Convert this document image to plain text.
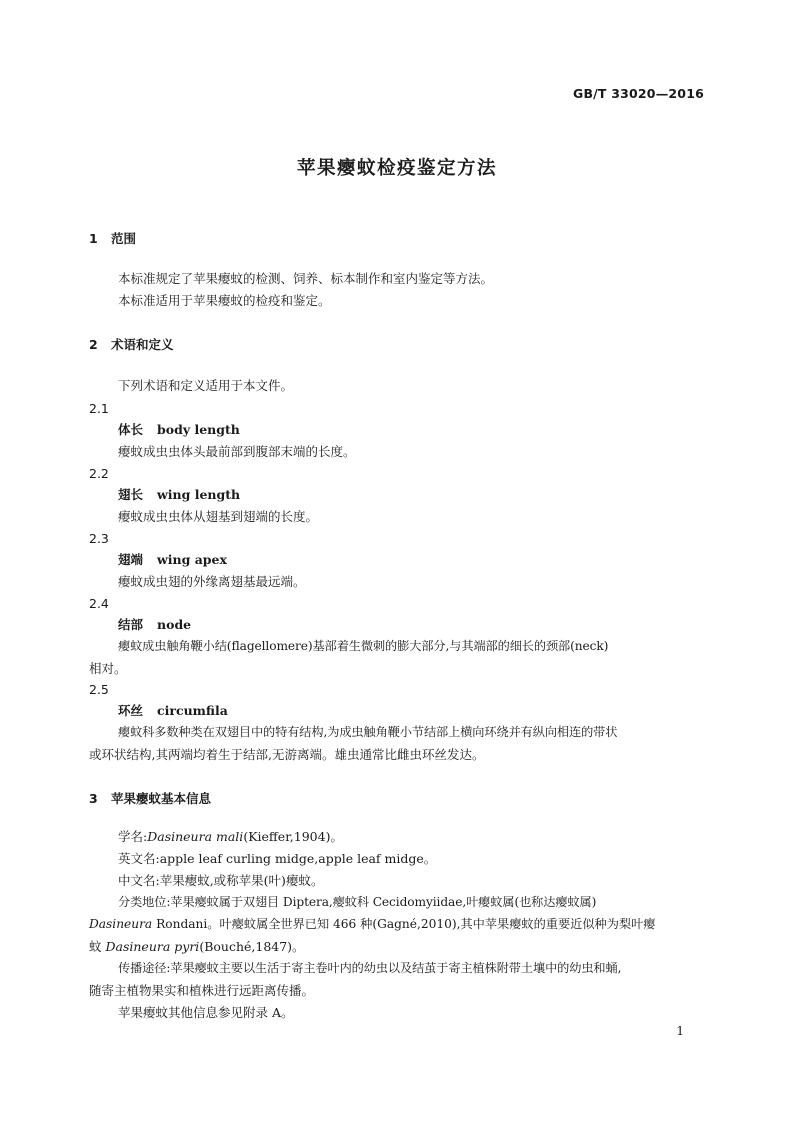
GB/T 33020—2016
苹果瘿蚊检疫鉴定方法
1 范围
本标准规定了苹果瘿蚊的检测、饲养、标本制作和室内鉴定等方法。
本标准适用于苹果瘿蚊的检疫和鉴定。
2 术语和定义
下列术语和定义适用于本文件。
2.1
体长 body length
瘿蚊成虫虫体头最前部到腹部末端的长度。
2.2
翅长 wing length
瘿蚊成虫虫体从翅基到翅端的长度。
2.3
翅端 wing apex
瘿蚊成虫翅的外缘离翅基最远端。
2.4
结部 node
瘿蚊成虫触角鞭小结(flagellomere)基部着生微刺的膨大部分,与其端部的细长的颈部(neck)
相对。
2.5
环丝 circumfila
瘿蚊科多数种类在双翅目中的特有结构,为成虫触角鞭小节结部上横向环绕并有纵向相连的带状
或环状结构,其两端均着生于结部,无游离端。雄虫通常比雌虫环丝发达。
3 苹果瘿蚊基本信息
学名:Dasineura mali(Kieffer,1904)。
英文名:apple leaf curling midge,apple leaf midge。
中文名:苹果瘿蚊,或称苹果(叶)瘿蚊。
分类地位:苹果瘿蚊属于双翅目 Diptera,瘿蚊科 Cecidomyiidae,叶瘿蚊属(也称达瘿蚊属)
Dasineura Rondani。叶瘿蚊属全世界已知 466 种(Gagné,2010),其中苹果瘿蚊的重要近似种为梨叶瘿
蚊 Dasineura pyri(Bouché,1847)。
传播途径:苹果瘿蚊主要以生活于寄主卷叶内的幼虫以及结茧于寄主植株附带土壤中的幼虫和蛹,
随寄主植物果实和植株进行远距离传播。
苹果瘿蚊其他信息参见附录 A。
1
